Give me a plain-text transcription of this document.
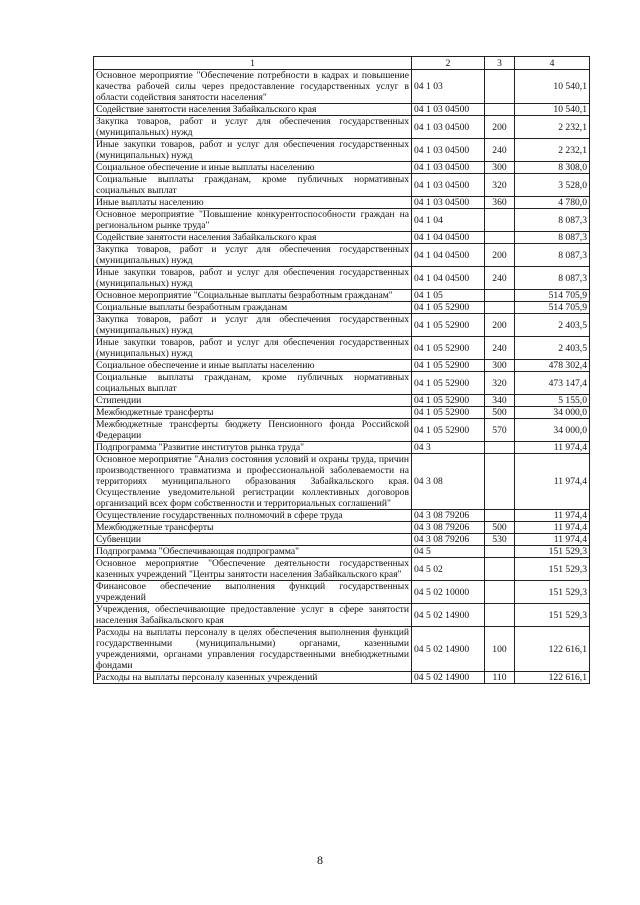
1	2	3	4
Основное мероприятие "Обеспечение потребности в кадрах и повышение качества рабочей силы через предоставление государственных услуг в области содействия занятости населения"	04 1 03		10 540,1
Содействие занятости населения Забайкальского края	04 1 03 04500		10 540,1
Закупка товаров, работ и услуг для обеспечения государственных (муниципальных) нужд	04 1 03 04500	200	2 232,1
Иные закупки товаров, работ и услуг для обеспечения государственных (муниципальных) нужд	04 1 03 04500	240	2 232,1
Социальное обеспечение и иные выплаты населению	04 1 03 04500	300	8 308,0
Социальные выплаты гражданам, кроме публичных нормативных социальных выплат	04 1 03 04500	320	3 528,0
Иные выплаты населению	04 1 03 04500	360	4 780,0
Основное мероприятие "Повышение конкурентоспособности граждан на региональном рынке труда"	04 1 04		8 087,3
Содействие занятости населения Забайкальского края	04 1 04 04500		8 087,3
Закупка товаров, работ и услуг для обеспечения государственных (муниципальных) нужд	04 1 04 04500	200	8 087,3
Иные закупки товаров, работ и услуг для обеспечения государственных (муниципальных) нужд	04 1 04 04500	240	8 087,3
Основное мероприятие "Социальные выплаты безработным гражданам"	04 1 05		514 705,9
Социальные выплаты безработным гражданам	04 1 05 52900		514 705,9
Закупка товаров, работ и услуг для обеспечения государственных (муниципальных) нужд	04 1 05 52900	200	2 403,5
Иные закупки товаров, работ и услуг для обеспечения государственных (муниципальных) нужд	04 1 05 52900	240	2 403,5
Социальное обеспечение и иные выплаты населению	04 1 05 52900	300	478 302,4
Социальные выплаты гражданам, кроме публичных нормативных социальных выплат	04 1 05 52900	320	473 147,4
Стипендии	04 1 05 52900	340	5 155,0
Межбюджетные трансферты	04 1 05 52900	500	34 000,0
Межбюджетные трансферты бюджету Пенсионного фонда Российской Федерации	04 1 05 52900	570	34 000,0
Подпрограмма "Развитие институтов рынка труда"	04 3		11 974,4
Основное мероприятие "Анализ состояния условий и охраны труда, причин производственного травматизма и профессиональной заболеваемости на территориях муниципального образования Забайкальского края. Осуществление уведомительной регистрации коллективных договоров организаций всех форм собственности и территориальных соглашений"	04 3 08		11 974,4
Осуществление государственных полномочий в сфере труда	04 3 08 79206		11 974,4
Межбюджетные трансферты	04 3 08 79206	500	11 974,4
Субвенции	04 3 08 79206	530	11 974,4
Подпрограмма "Обеспечивающая подпрограмма"	04 5		151 529,3
Основное мероприятие "Обеспечение деятельности государственных казенных учреждений "Центры занятости населения Забайкальского края"	04 5 02		151 529,3
Финансовое обеспечение выполнения функций государственных учреждений	04 5 02 10000		151 529,3
Учреждения, обеспечивающие предоставление услуг в сфере занятости населения Забайкальского края	04 5 02 14900		151 529,3
Расходы на выплаты персоналу в целях обеспечения выполнения функций государственными (муниципальными) органами, казенными учреждениями, органами управления государственными внебюджетными фондами	04 5 02 14900	100	122 616,1
Расходы на выплаты персоналу казенных учреждений	04 5 02 14900	110	122 616,1
8
